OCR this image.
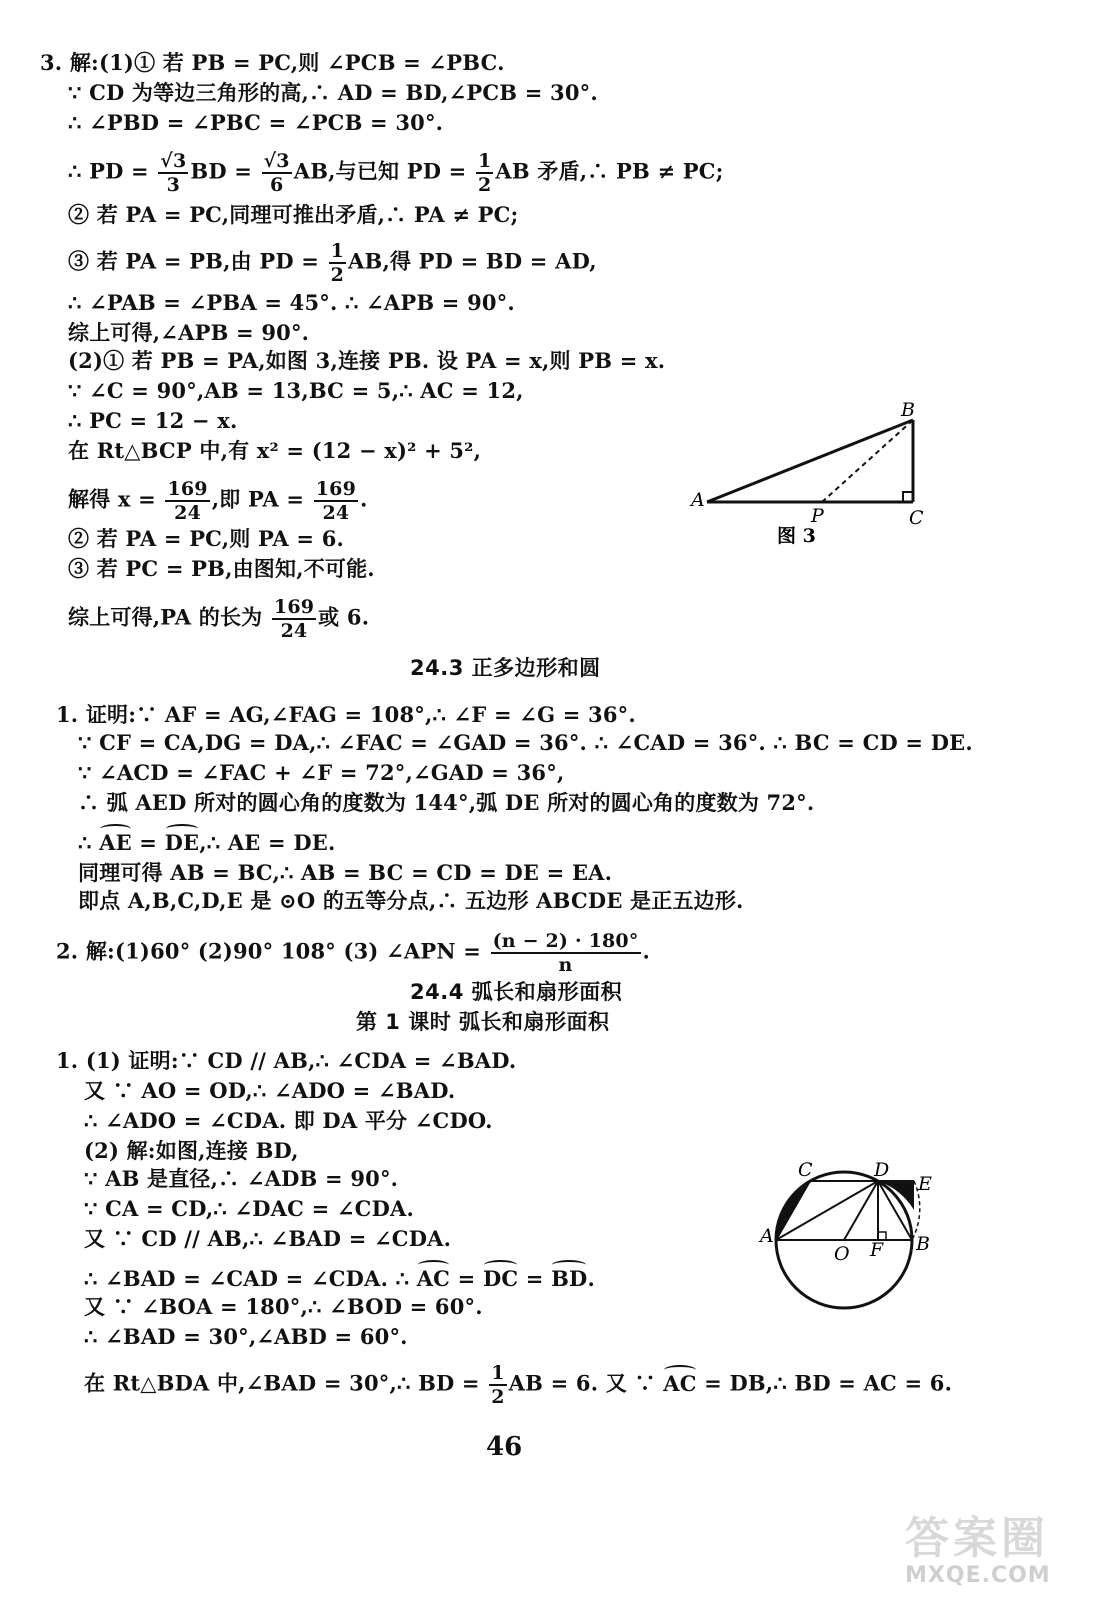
3. 解:(1)① 若 PB = PC,则 ∠PCB = ∠PBC.
∵ CD 为等边三角形的高,∴ AD = BD,∠PCB = 30°.
∴ ∠PBD = ∠PBC = ∠PCB = 30°.
∴ PD = $\frac{√3}{3}$ BD = $\frac{√3}{6}$ AB,与已知 PD = $\frac{1}{2}$ AB 矛盾,∴ PB ≠ PC;
② 若 PA = PC,同理可推出矛盾,∴ PA ≠ PC;
③ 若 PA = PB,由 PD = $\frac{1}{2}$ AB,得 PD = BD = AD,
∴ ∠PAB = ∠PBA = 45°. ∴ ∠APB = 90°.
综上可得,∠APB = 90°.
(2)① 若 PB = PA,如图 3,连接 PB. 设 PA = x,则 PB = x.
∵ ∠C = 90°,AB = 13,BC = 5,∴ AC = 12,
∴ PC = 12 − x.
在 Rt△BCP 中,有 x² = (12 − x)² + 5²,
解得 $x = \frac{169}{24}$ ,即 PA = $\frac{169}{24}$ .
② 若 PA = PC,则 PA = 6.
③ 若 PC = PB,由图知,不可能.
综上可得,PA 的长为 $\frac{169}{24}$ 或 6.
A
B
C
P
图 3
24.3 正多边形和圆
1. 证明:∵ AF = AG,∠FAG = 108°,∴ ∠F = ∠G = 36°.
∵ CF = CA,DG = DA,∴ ∠FAC = ∠GAD = 36°. ∴ ∠CAD = 36°. ∴ BC = CD = DE.
∵ ∠ACD = ∠FAC + ∠F = 72°,∠GAD = 36°,
∴ 弧 AED 所对的圆心角的度数为 144°,弧 DE 所对的圆心角的度数为 72°.
∴ AE = DE,∴ AE = DE.
同理可得 AB = BC,∴ AB = BC = CD = DE = EA.
即点 A,B,C,D,E 是 ⊙O 的五等分点,∴ 五边形 ABCDE 是正五边形.
2. 解:(1)60° (2)90° 108° (3) ∠APN = $\frac{(n - 2) \cdot 180^\circ}{n}$ .
24.4 弧长和扇形面积
第 1 课时 弧长和扇形面积
1. (1) 证明:∵ CD // AB,∴ ∠CDA = ∠BAD.
又 ∵ AO = OD,∴ ∠ADO = ∠BAD.
∴ ∠ADO = ∠CDA. 即 DA 平分 ∠CDO.
(2) 解:如图,连接 BD,
∵ AB 是直径,∴ ∠ADB = 90°.
∵ CA = CD,∴ ∠DAC = ∠CDA.
又 ∵ CD // AB,∴ ∠BAD = ∠CDA.
∴ ∠BAD = ∠CAD = ∠CDA. ∴ AC = DC = BD.
又 ∵ ∠BOA = 180°,∴ ∠BOD = 60°.
∴ ∠BAD = 30°,∠ABD = 60°.
在 Rt△BDA 中,∠BAD = 30°,∴ BD = $\frac{1}{2}$ AB = 6. 又 ∵ AC = DB,∴ BD = AC = 6.
A	B
C	D
E
O F
46
答案圈
MXQE.COM
